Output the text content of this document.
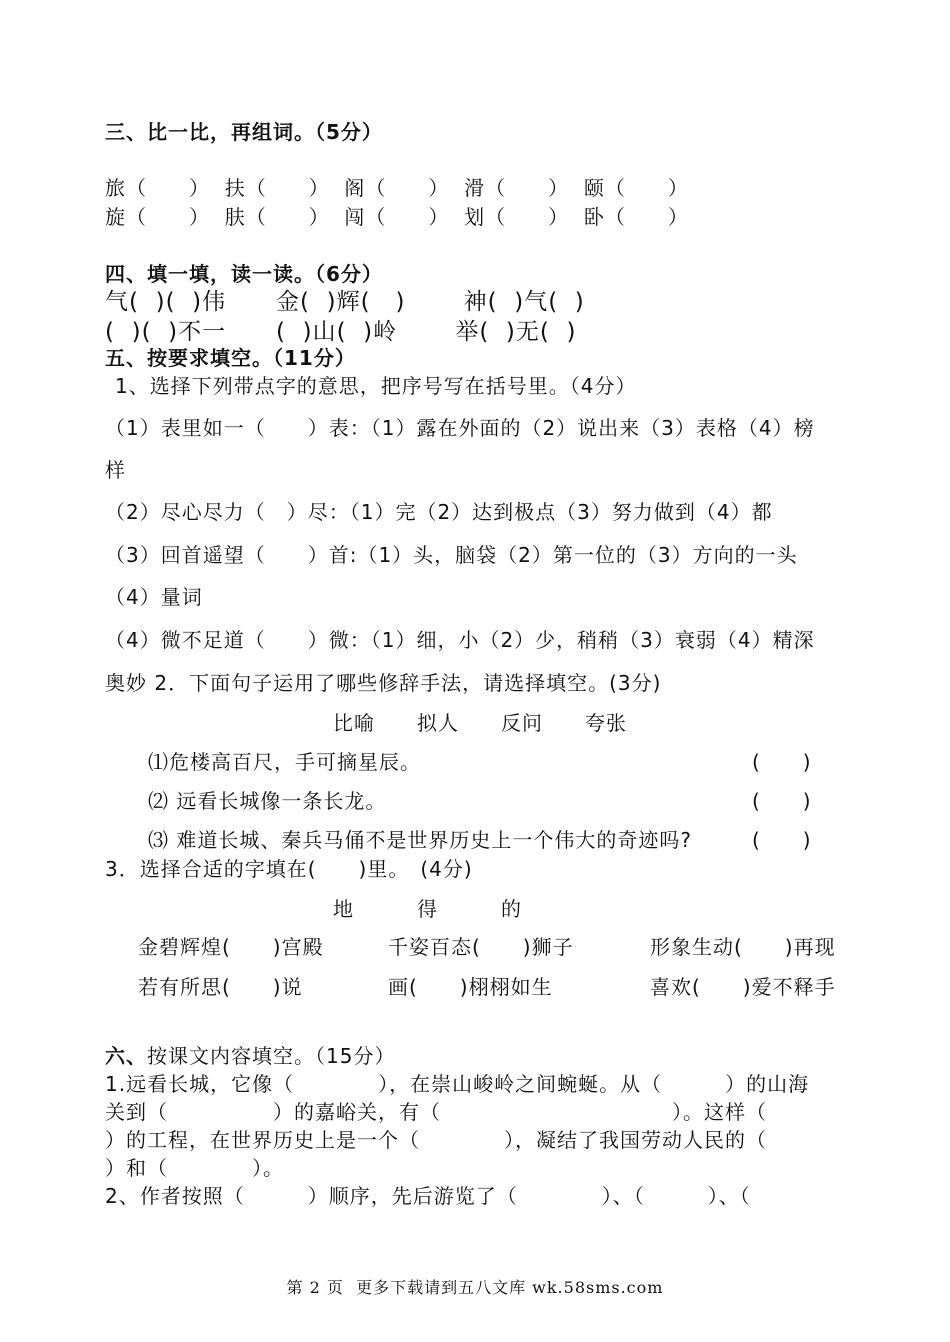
三、比一比，再组词。（5分）
旅（　　）  扶（　　）  阁（　　）  滑（　　）  颐（　　）
旋（　　）  肤（　　）  闯（　　）  划（　　）  卧（　　）
四、填一填，读一读。（6分）
气(  )(  )伟      金(  )辉(   )       神(  )气(  )
(  )(  )不一      (  )山(  )岭       举(  )无(  )
五、按要求填空。（11分）
1、选择下列带点字的意思，把序号写在括号里。（4分）
（1）表里如一（　　）表：（1）露在外面的（2）说出来（3）表格（4）榜
样
（2）尽心尽力（　）尽：（1）完（2）达到极点（3）努力做到（4）都
（3）回首遥望（　　）首:（1）头，脑袋（2）第一位的（3）方向的一头
（4）量词
（4）微不足道（　　）微：（1）细，小（2）少，稍稍（3）衰弱（4）精深
奥妙 2．下面句子运用了哪些修辞手法，请选择填空。(3分)
比喻　　拟人　　反问　　夸张
⑴危楼高百尺，手可摘星辰。	(　　)
⑵ 远看长城像一条长龙。	(　　)
⑶ 难道长城、秦兵马俑不是世界历史上一个伟大的奇迹吗?	(　　)
3．选择合适的字填在(　　)里。　(4分)
地　　　得　　　的
金碧辉煌(　　)宫殿	千姿百态(　　)狮子	形象生动(　　)再现
若有所思(　　)说	画(　　)栩栩如生	喜欢(　　)爱不释手
六、按课文内容填空。（15分）
1.远看长城，它像（　　　　），在崇山峻岭之间蜿蜒。从（　　　）的山海
关到（　　　　　）的嘉峪关，有（　　　　　　　　　　　）。这样（
）的工程，在世界历史上是一个（　　　　），凝结了我国劳动人民的（
）和（　　　　）。
2、作者按照（　　　）顺序，先后游览了（　　　　）、（　　　）、（
第 2 页  更多下载请到五八文库 wk.58sms.com
